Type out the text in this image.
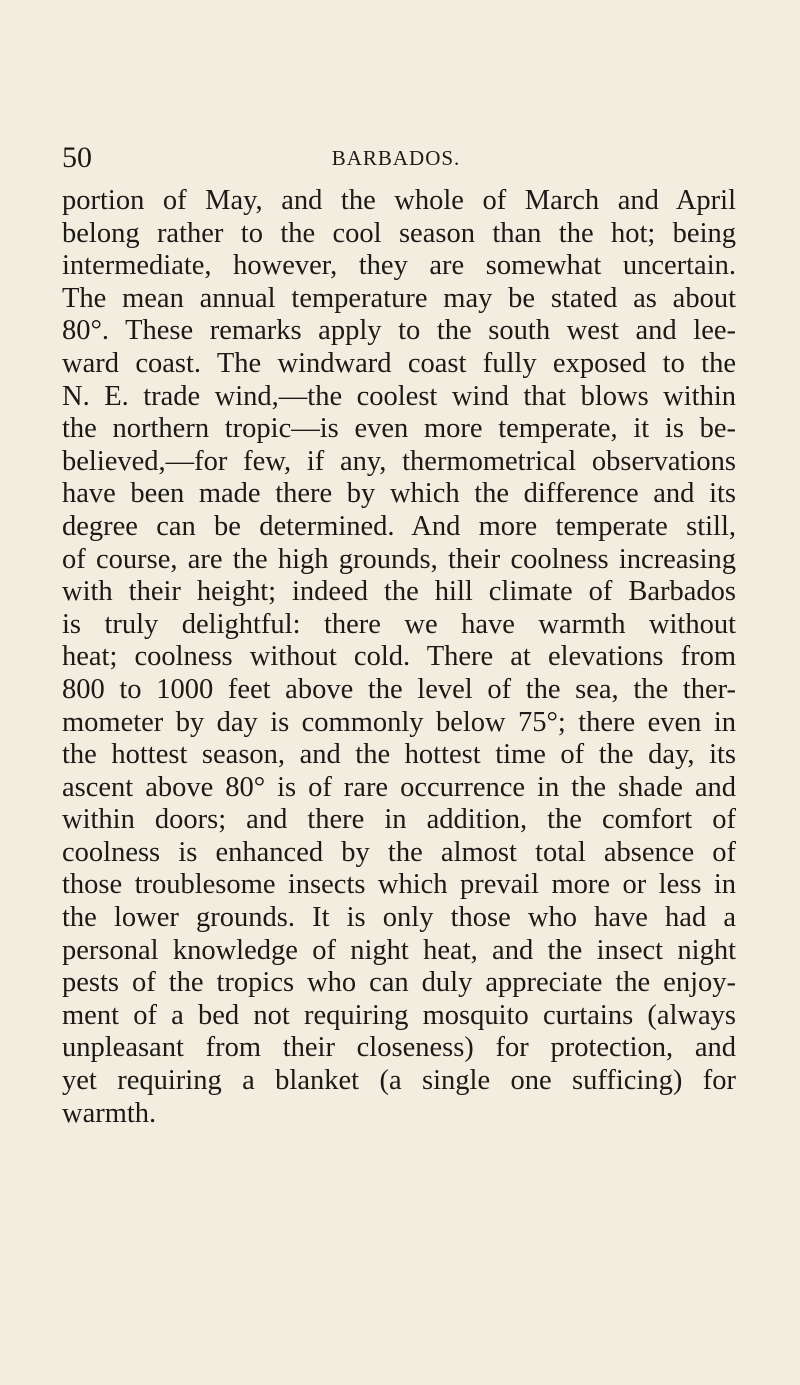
50	BARBADOS.
portion of May, and the whole of March and April
belong rather to the cool season than the hot; being
intermediate, however, they are somewhat uncertain.
The mean annual temperature may be stated as about
80°. These remarks apply to the south west and lee-
ward coast. The windward coast fully exposed to the
N. E. trade wind,—the coolest wind that blows within
the northern tropic—is even more temperate, it is be-
believed,—for few, if any, thermometrical observations
have been made there by which the difference and its
degree can be determined. And more temperate still,
of course, are the high grounds, their coolness increasing
with their height; indeed the hill climate of Barbados
is truly delightful: there we have warmth without
heat; coolness without cold. There at elevations from
800 to 1000 feet above the level of the sea, the ther-
mometer by day is commonly below 75°; there even in
the hottest season, and the hottest time of the day, its
ascent above 80° is of rare occurrence in the shade and
within doors; and there in addition, the comfort of
coolness is enhanced by the almost total absence of
those troublesome insects which prevail more or less in
the lower grounds. It is only those who have had a
personal knowledge of night heat, and the insect night
pests of the tropics who can duly appreciate the enjoy-
ment of a bed not requiring mosquito curtains (always
unpleasant from their closeness) for protection, and
yet requiring a blanket (a single one sufficing) for
warmth.
